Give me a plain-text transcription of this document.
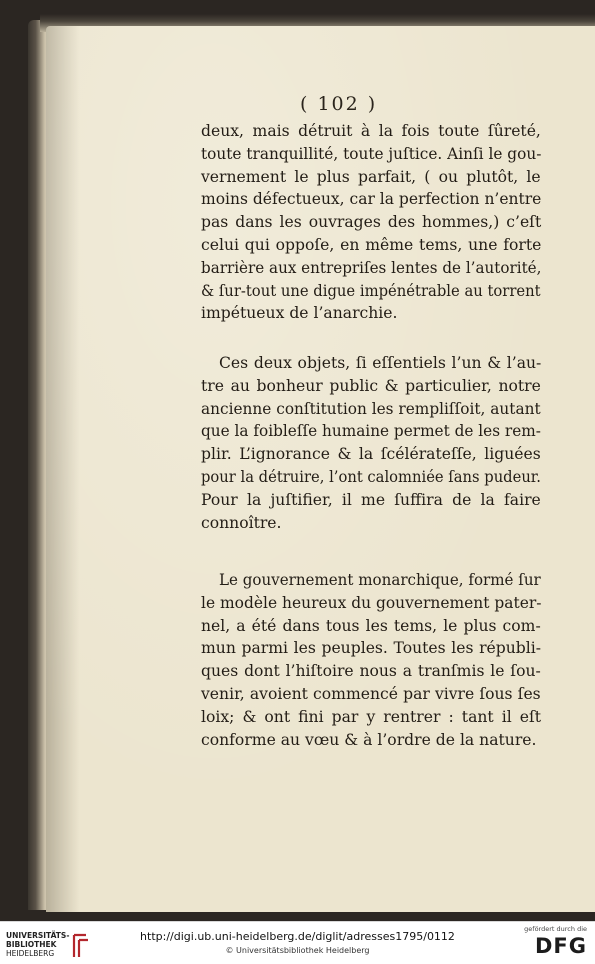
( 102 )
deux, mais détruit à la fois toute ſûreté,
toute tranquillité, toute juſtice. Ainſi le gou-
vernement le plus parfait, ( ou plutôt, le
moins défectueux, car la perfection n’entre
pas dans les ouvrages des hommes,) c’eſt
celui qui oppoſe, en même tems, une forte
barrière aux entrepriſes lentes de l’autorité,
& ſur-tout une digue impénétrable au torrent
impétueux de l’anarchie.
Ces deux objets, ſi eſſentiels l’un & l’au-
tre au bonheur public & particulier, notre
ancienne conſtitution les rempliſſoit, autant
que la foibleſſe humaine permet de les rem-
plir. L’ignorance & la ſcélérateſſe, liguées
pour la détruire, l’ont calomniée ſans pudeur.
Pour la juſtifier, il me ſuffira de la faire
connoître.
Le gouvernement monarchique, formé ſur
le modèle heureux du gouvernement pater-
nel, a été dans tous les tems, le plus com-
mun parmi les peuples. Toutes les républi-
ques dont l’hiſtoire nous a tranſmis le ſou-
venir, avoient commencé par vivre ſous ſes
loix; & ont fini par y rentrer : tant il eſt
conforme au vœu & à l’ordre de la nature.
UNIVERSITÄTS-
BIBLIOTHEK
HEIDELBERG
http://digi.ub.uni-heidelberg.de/diglit/adresses1795/0112
© Universitätsbibliothek Heidelberg
gefördert durch die
DFG
